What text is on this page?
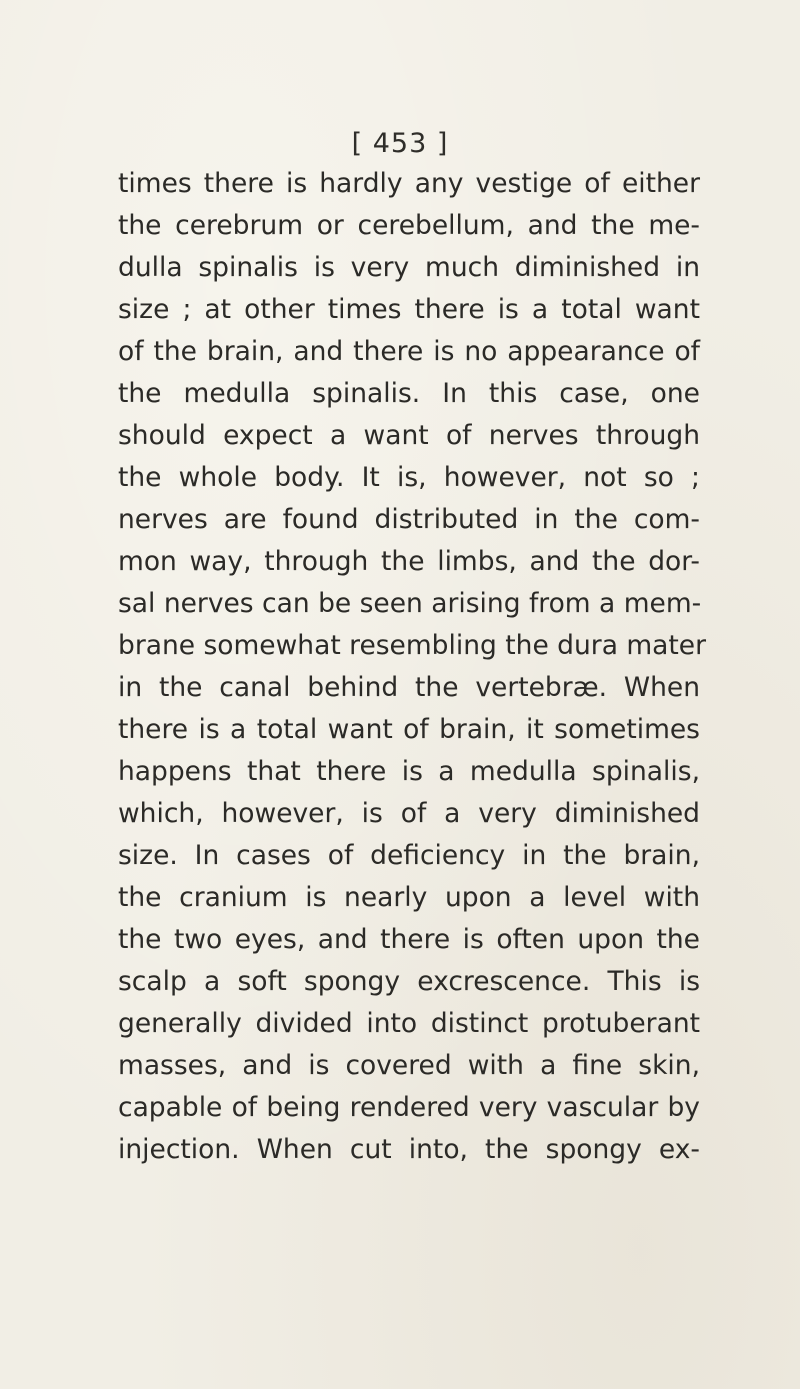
[ 453 ]
times there is hardly any vestige of either
the cerebrum or cerebellum, and the me-
dulla spinalis is very much diminished in
size ; at other times there is a total want
of the brain, and there is no appearance of
the medulla spinalis. In this case, one
should expect a want of nerves through
the whole body. It is, however, not so ;
nerves are found distributed in the com-
mon way, through the limbs, and the dor-
sal nerves can be seen arising from a mem-
brane somewhat resembling the dura mater
in the canal behind the vertebræ. When
there is a total want of brain, it sometimes
happens that there is a medulla spinalis,
which, however, is of a very diminished
size. In cases of deficiency in the brain,
the cranium is nearly upon a level with
the two eyes, and there is often upon the
scalp a soft spongy excrescence. This is
generally divided into distinct protuberant
masses, and is covered with a fine skin,
capable of being rendered very vascular by
injection. When cut into, the spongy ex-
